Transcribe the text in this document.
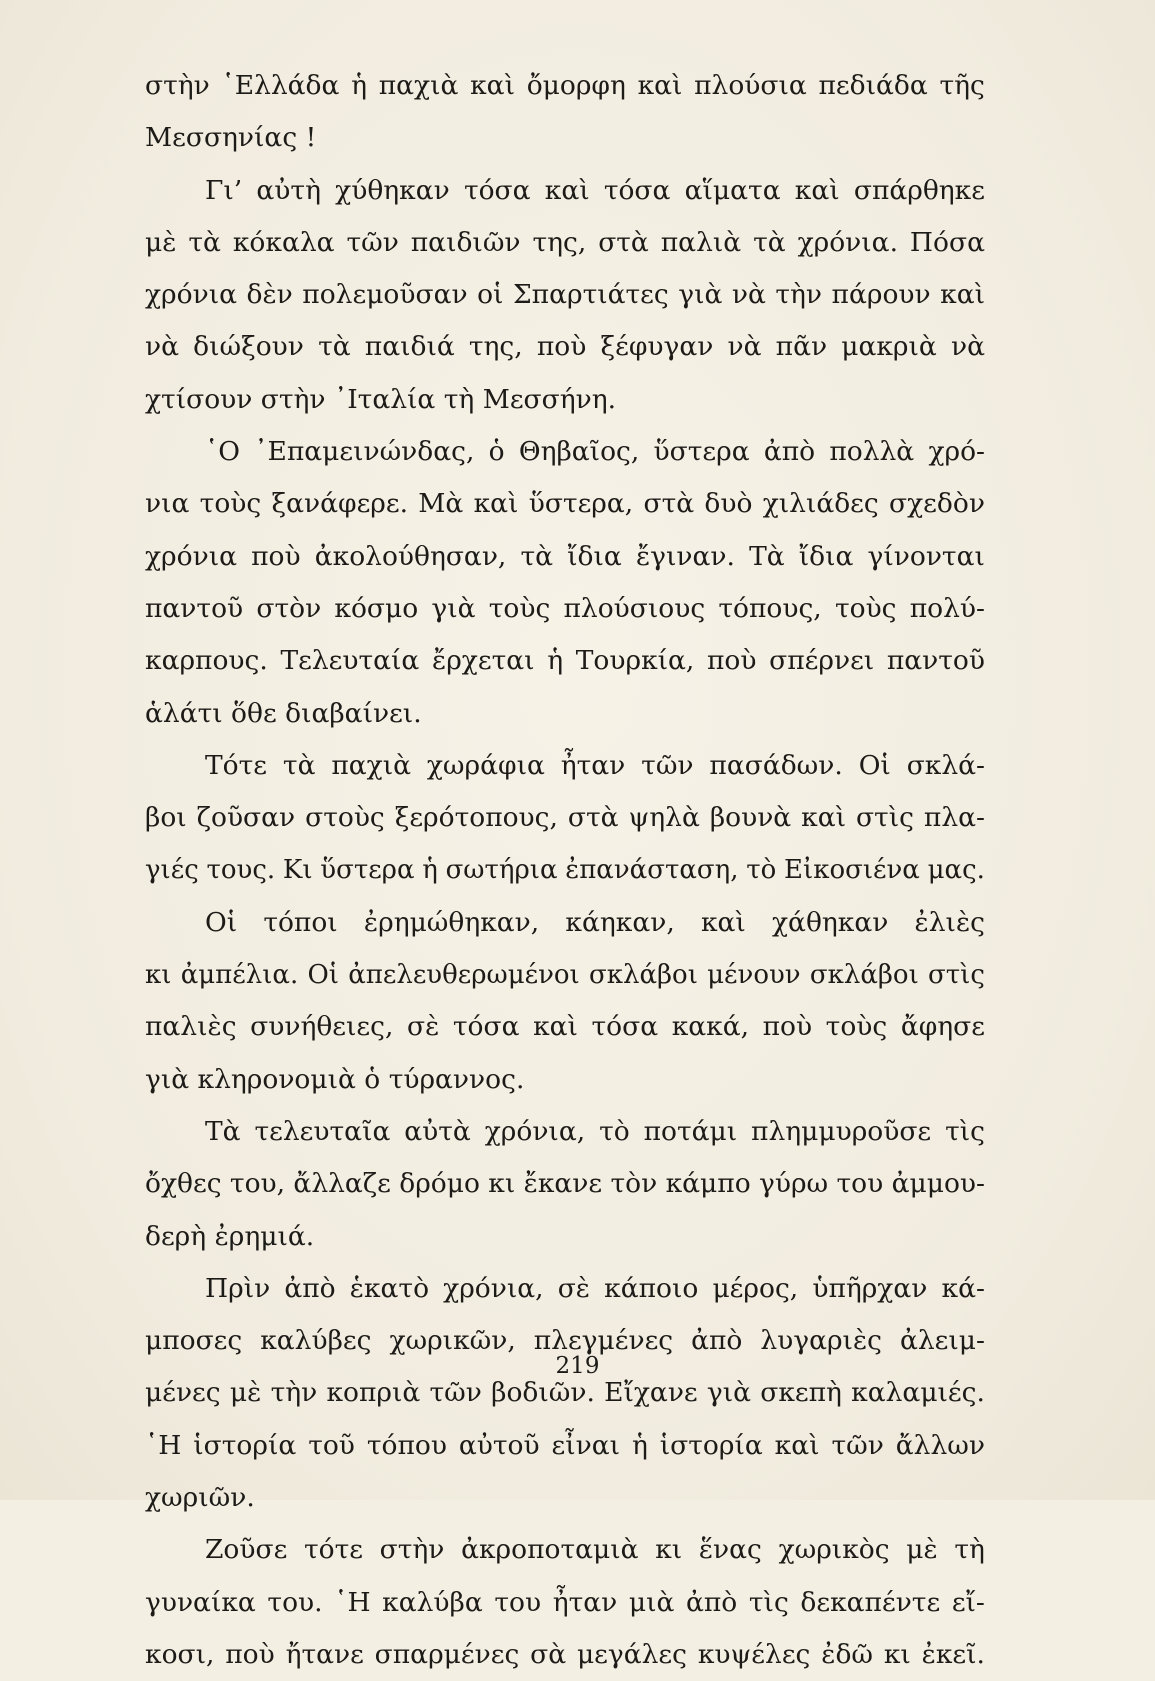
στὴν ῾Ελλάδα ἡ παχιὰ καὶ ὄμορφη καὶ πλούσια πεδιάδα τῆς
Μεσσηνίας !
Γι’ αὐτὴ χύθηκαν τόσα καὶ τόσα αἵματα καὶ σπάρθηκε
μὲ τὰ κόκαλα τῶν παιδιῶν της, στὰ παλιὰ τὰ χρόνια. Πόσα
χρόνια δὲν πολεμοῦσαν οἱ Σπαρτιάτες γιὰ νὰ τὴν πάρουν καὶ
νὰ διώξουν τὰ παιδιά της, ποὺ ξέφυγαν νὰ πᾶν μακριὰ νὰ
χτίσουν στὴν ᾿Ιταλία τὴ Μεσσήνη.
῾Ο ᾿Επαμεινώνδας, ὁ Θηβαῖος, ὕστερα ἀπὸ πολλὰ χρό-
νια τοὺς ξανάφερε. Μὰ καὶ ὕστερα, στὰ δυὸ χιλιάδες σχεδὸν
χρόνια ποὺ ἀκολούθησαν, τὰ ἴδια ἔγιναν. Τὰ ἴδια γίνονται
παντοῦ στὸν κόσμο γιὰ τοὺς πλούσιους τόπους, τοὺς πολύ-
καρπους. Τελευταία ἔρχεται ἡ Τουρκία, ποὺ σπέρνει παντοῦ
ἁλάτι ὅθε διαβαίνει.
Τότε τὰ παχιὰ χωράφια ἦταν τῶν πασάδων. Οἱ σκλά-
βοι ζοῦσαν στοὺς ξερότοπους, στὰ ψηλὰ βουνὰ καὶ στὶς πλα-
γιές τους. Κι ὕστερα ἡ σωτήρια ἐπανάσταση, τὸ Εἰκοσιένα μας.
Οἱ τόποι ἐρημώθηκαν, κάηκαν, καὶ χάθηκαν ἐλιὲς
κι ἀμπέλια. Οἱ ἀπελευθερωμένοι σκλάβοι μένουν σκλάβοι στὶς
παλιὲς συνήθειες, σὲ τόσα καὶ τόσα κακά, ποὺ τοὺς ἄφησε
γιὰ κληρονομιὰ ὁ τύραννος.
Τὰ τελευταῖα αὐτὰ χρόνια, τὸ ποτάμι πλημμυροῦσε τὶς
ὄχθες του, ἄλλαζε δρόμο κι ἔκανε τὸν κάμπο γύρω του ἀμμου-
δερὴ ἐρημιά.
Πρὶν ἀπὸ ἑκατὸ χρόνια, σὲ κάποιο μέρος, ὑπῆρχαν κά-
μποσες καλύβες χωρικῶν, πλεγμένες ἀπὸ λυγαριὲς ἀλειμ-
μένες μὲ τὴν κοπριὰ τῶν βοδιῶν. Εἴχανε γιὰ σκεπὴ καλαμιές.
῾Η ἱστορία τοῦ τόπου αὐτοῦ εἶναι ἡ ἱστορία καὶ τῶν ἄλλων
χωριῶν.
Ζοῦσε τότε στὴν ἀκροποταμιὰ κι ἕνας χωρικὸς μὲ τὴ
γυναίκα του. ῾Η καλύβα του ἦταν μιὰ ἀπὸ τὶς δεκαπέντε εἴ-
κοσι, ποὺ ἤτανε σπαρμένες σὰ μεγάλες κυψέλες ἐδῶ κι ἐκεῖ.
219
